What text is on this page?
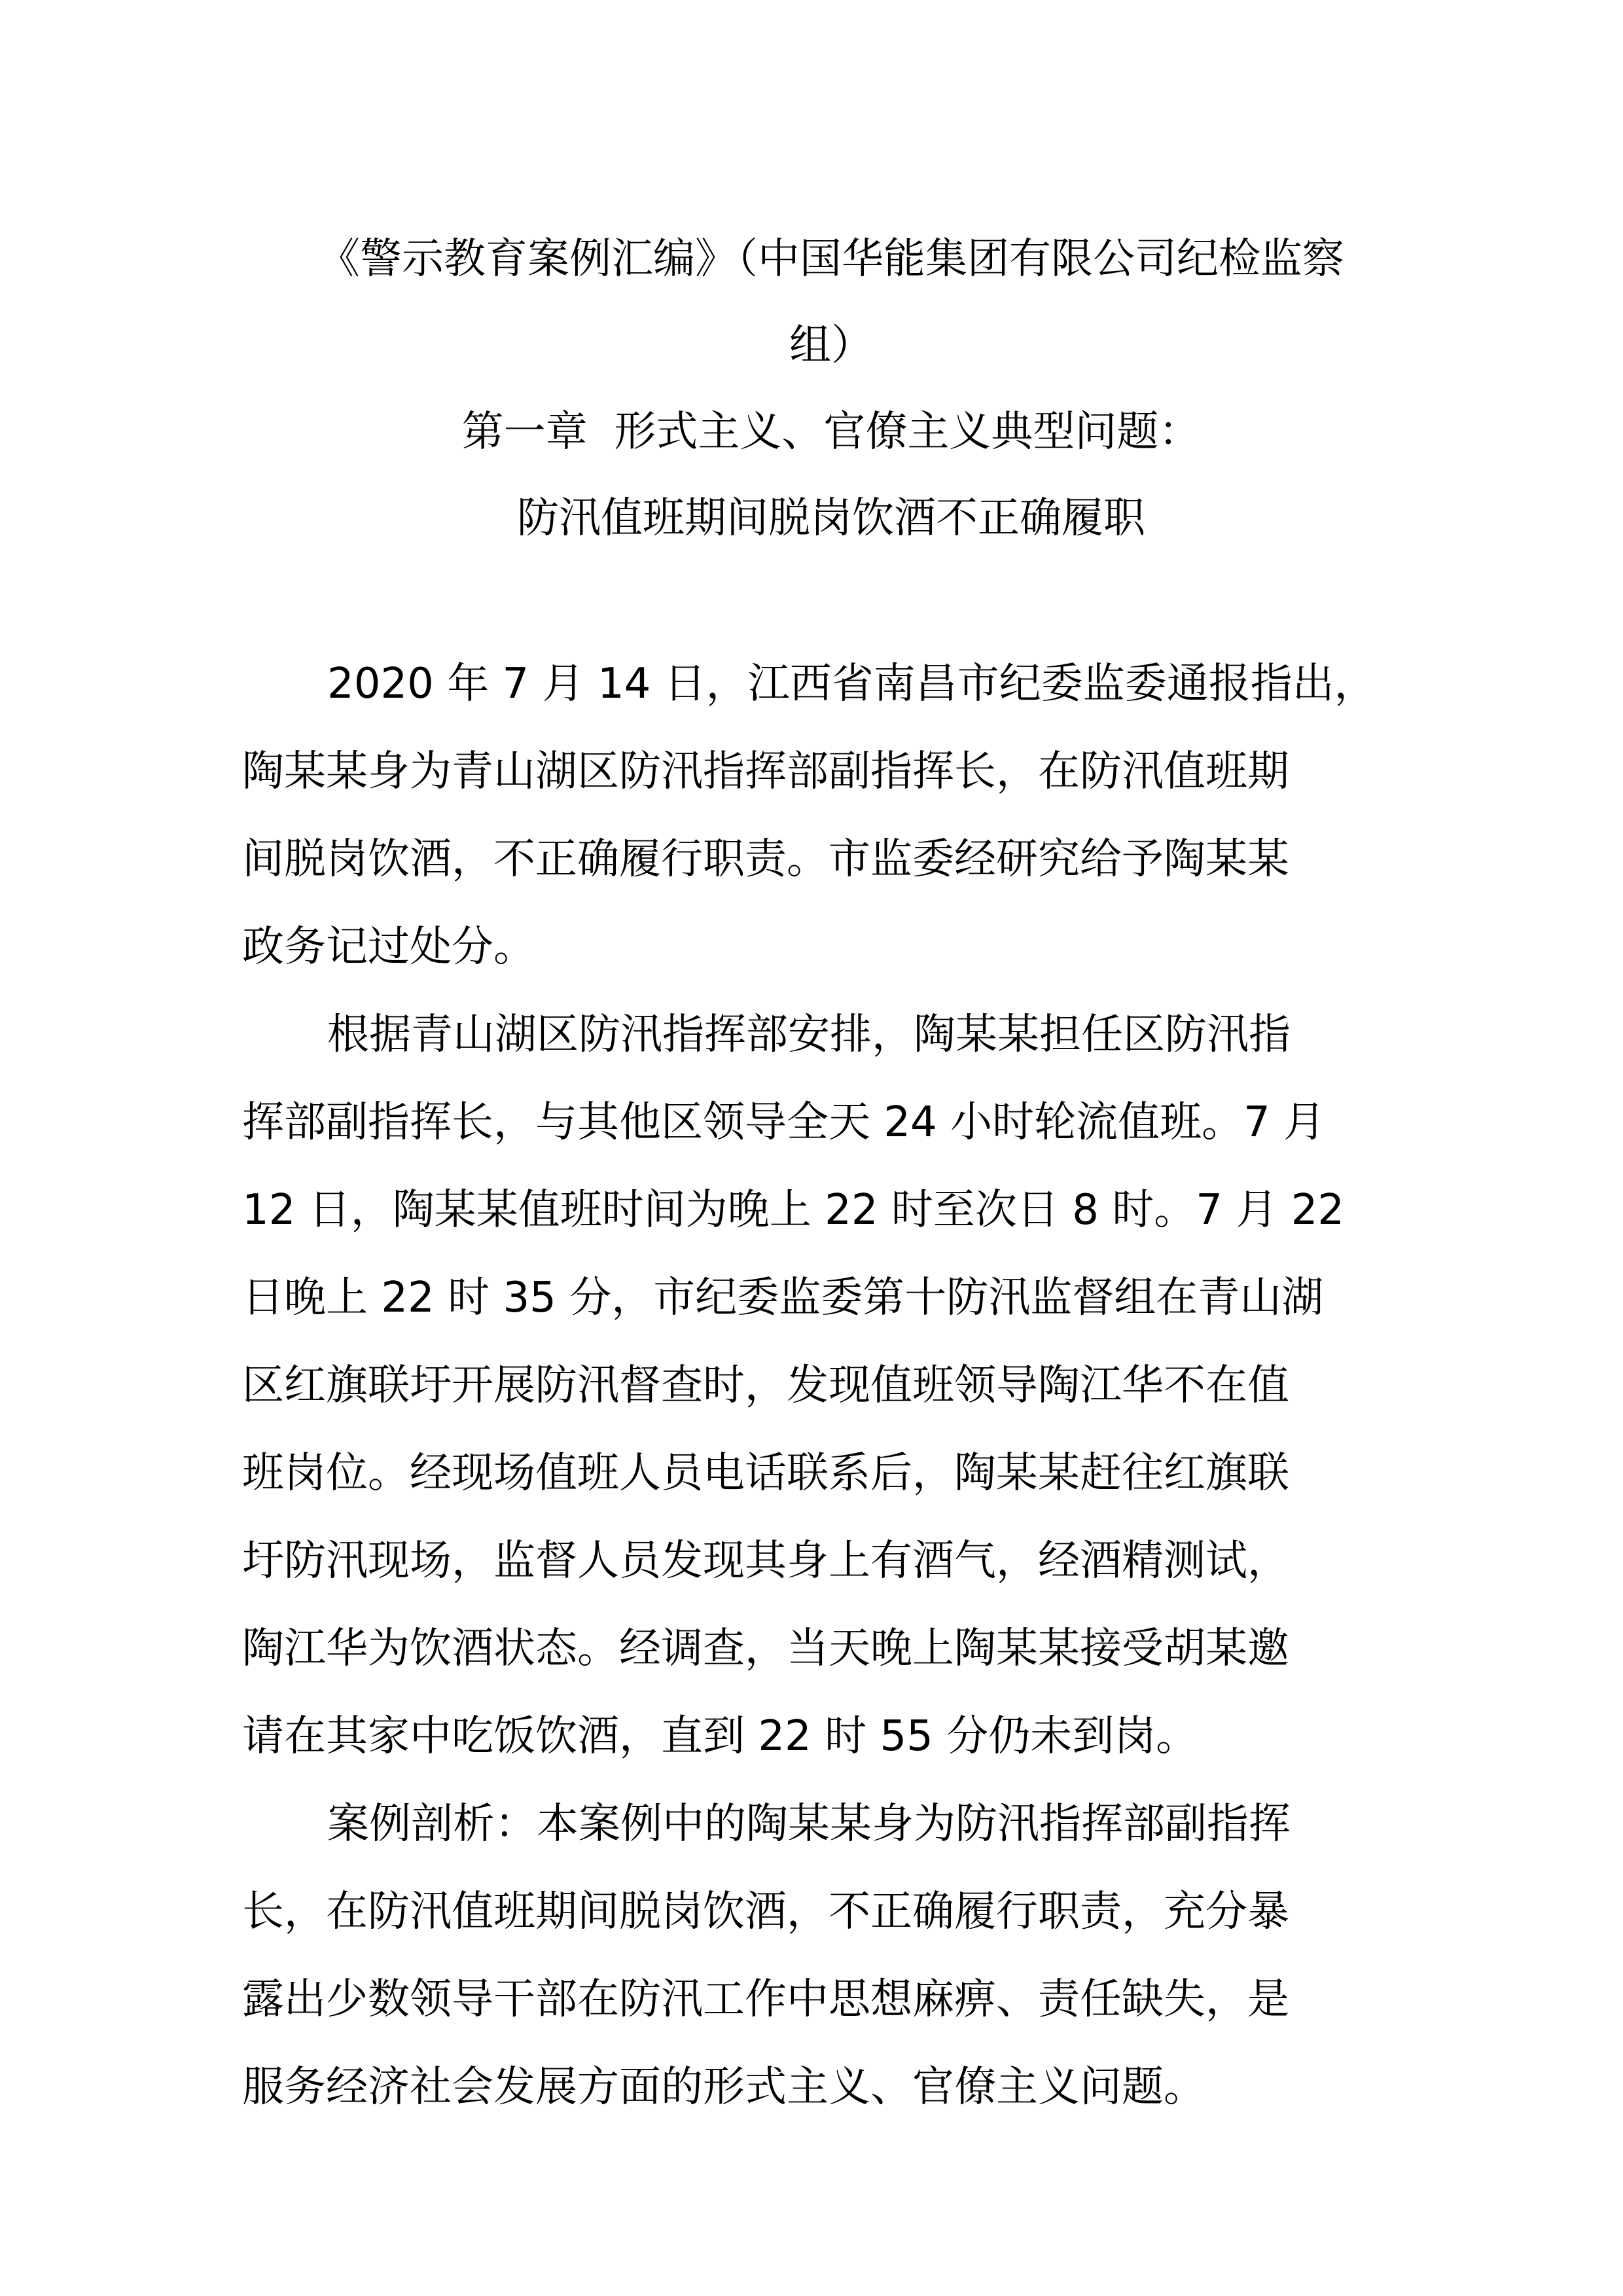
《警示教育案例汇编》（中国华能集团有限公司纪检监察
组）
第一章  形式主义、官僚主义典型问题：
防汛值班期间脱岗饮酒不正确履职
2020 年 7 月 14 日，江西省南昌市纪委监委通报指出，
陶某某身为青山湖区防汛指挥部副指挥长，在防汛值班期
间脱岗饮酒，不正确履行职责。市监委经研究给予陶某某
政务记过处分。
根据青山湖区防汛指挥部安排，陶某某担任区防汛指
挥部副指挥长，与其他区领导全天 24 小时轮流值班。7 月
12 日，陶某某值班时间为晚上 22 时至次日 8 时。7 月 22
日晚上 22 时 35 分，市纪委监委第十防汛监督组在青山湖
区红旗联圩开展防汛督查时，发现值班领导陶江华不在值
班岗位。经现场值班人员电话联系后，陶某某赶往红旗联
圩防汛现场，监督人员发现其身上有酒气，经酒精测试，
陶江华为饮酒状态。经调查，当天晚上陶某某接受胡某邀
请在其家中吃饭饮酒，直到 22 时 55 分仍未到岗。
案例剖析：本案例中的陶某某身为防汛指挥部副指挥
长，在防汛值班期间脱岗饮酒，不正确履行职责，充分暴
露出少数领导干部在防汛工作中思想麻痹、责任缺失，是
服务经济社会发展方面的形式主义、官僚主义问题。
